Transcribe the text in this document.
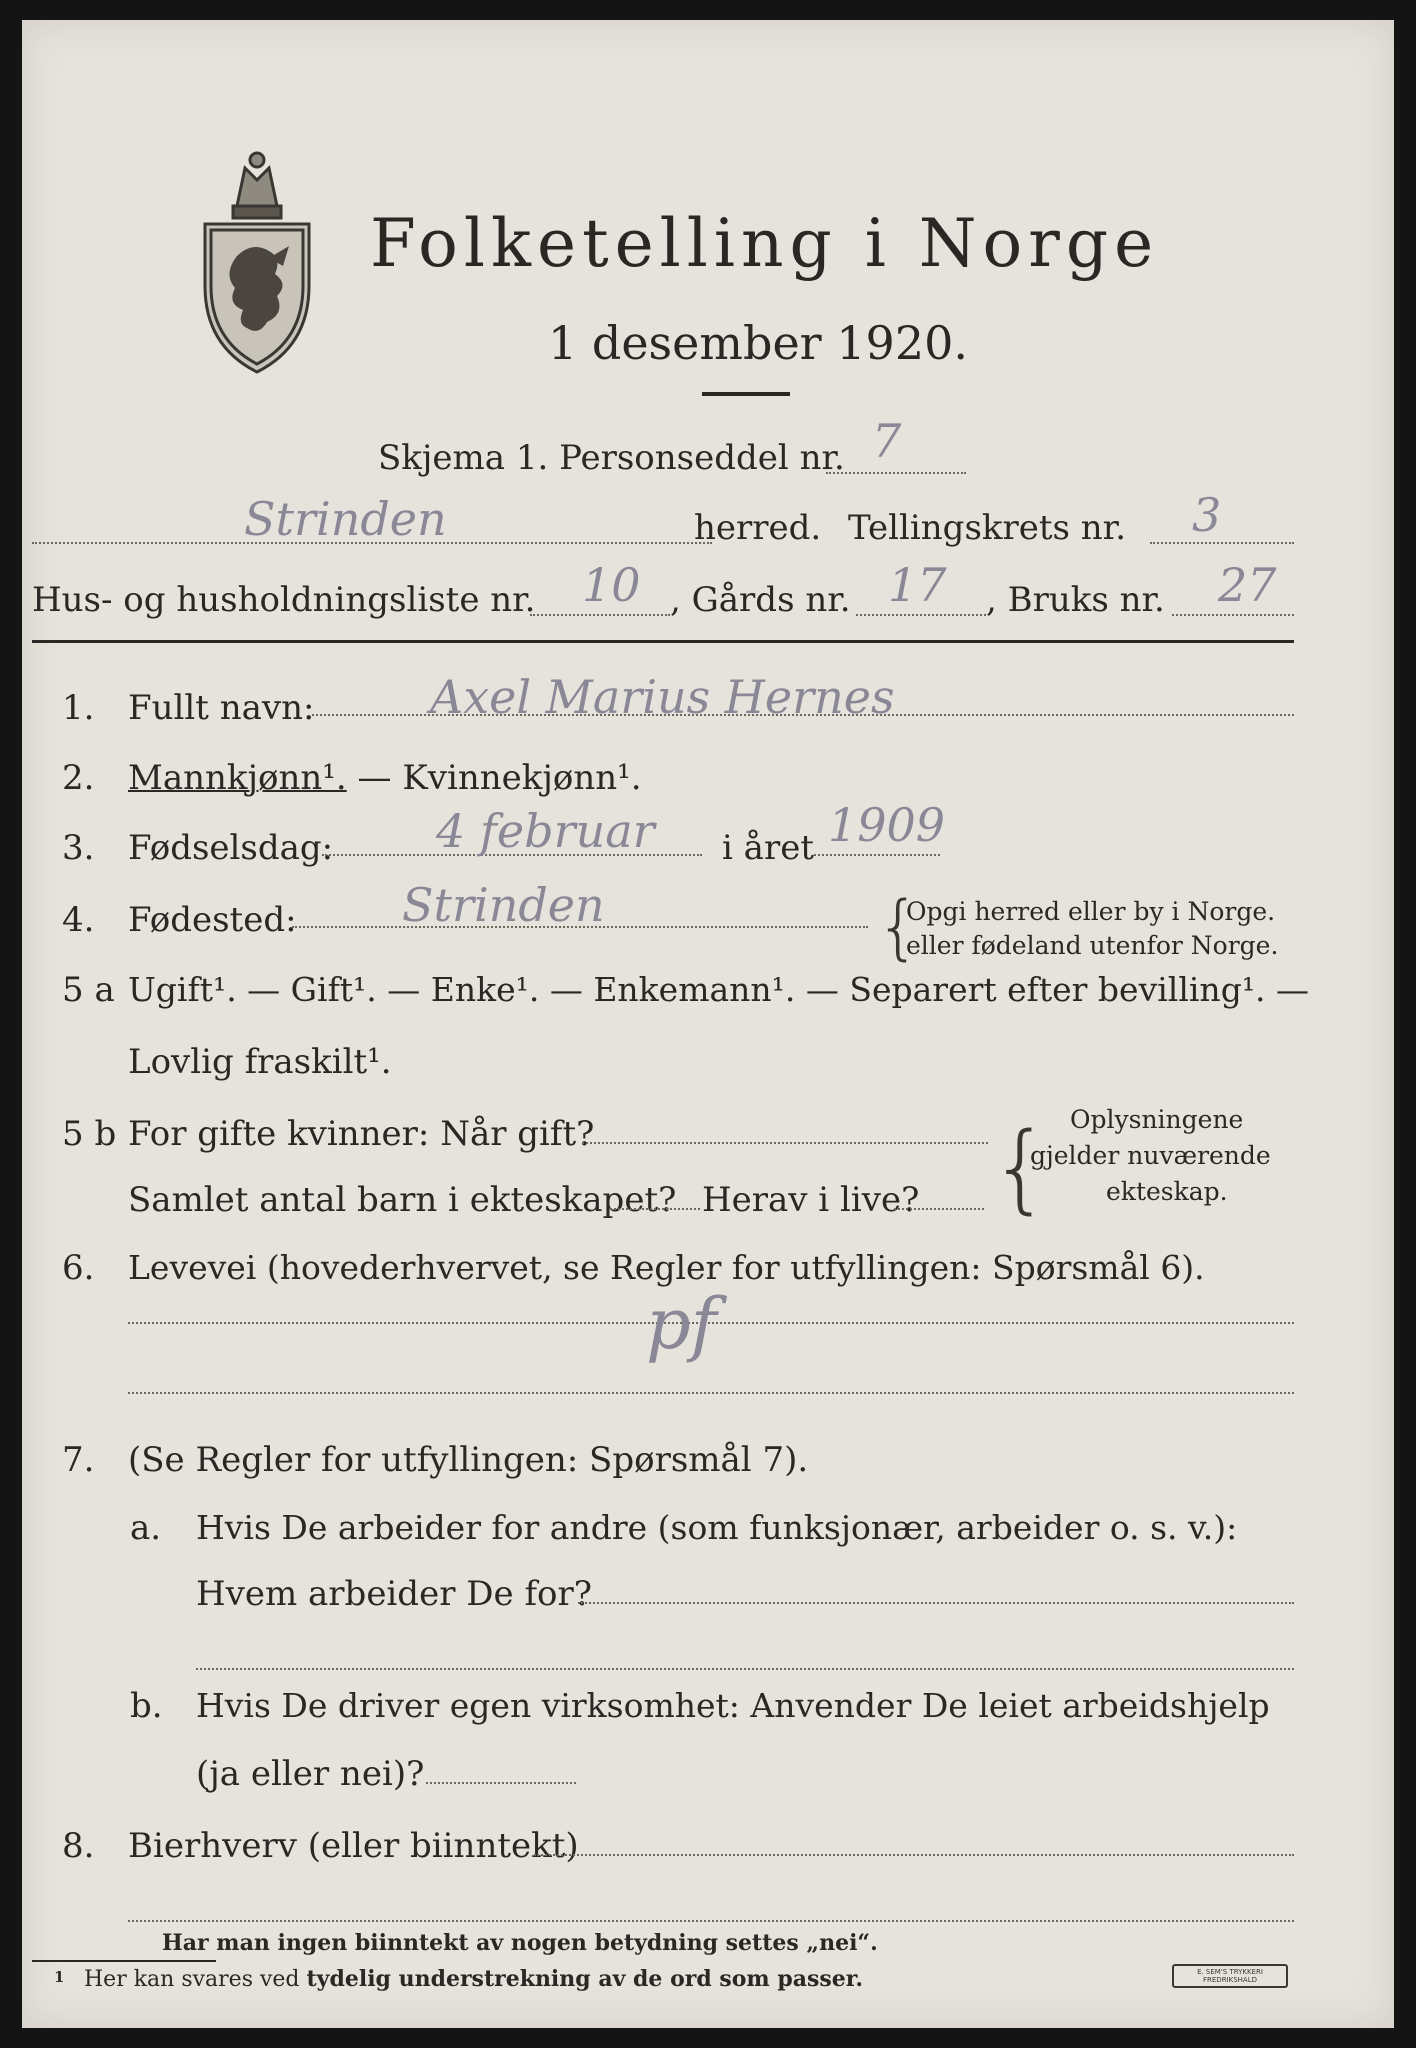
Folketelling i Norge
1 desember 1920.
Skjema 1. Personseddel nr. 7
Strinden	herred. Tellingskrets nr. 3
Hus- og husholdningsliste nr. 10 , Gårds nr. 17 , Bruks nr. 27
1. Fullt navn:	Axel Marius Hernes
2. Mannkjønn¹. — Kvinnekjønn¹.
3. Fødselsdag: 4 februar i året 1909
4. Fødested: Strinden	{
Opgi herred eller by i Norge.
eller fødeland utenfor Norge.
5 a Ugift¹. — Gift¹. — Enke¹. — Enkemann¹. — Separert efter bevilling¹. —
Lovlig fraskilt¹.
5 b For gifte kvinner: Når gift?
Samlet antal barn i ekteskapet? Herav i live? { Oplysningene
gjelder nuværende
ekteskap.
6. Levevei (hovederhvervet, se Regler for utfyllingen: Spørsmål 6).
pf
7. (Se Regler for utfyllingen: Spørsmål 7).
a. Hvis De arbeider for andre (som funksjonær, arbeider o. s. v.):
Hvem arbeider De for?
b. Hvis De driver egen virksomhet: Anvender De leiet arbeidshjelp
(ja eller nei)?
8. Bierhverv (eller biinntekt)
Har man ingen biinntekt av nogen betydning settes „nei“.
1 Her kan svares ved tydelig understrekning av de ord som passer.	E. SEM'S TRYKKERI
FREDRIKSHALD
